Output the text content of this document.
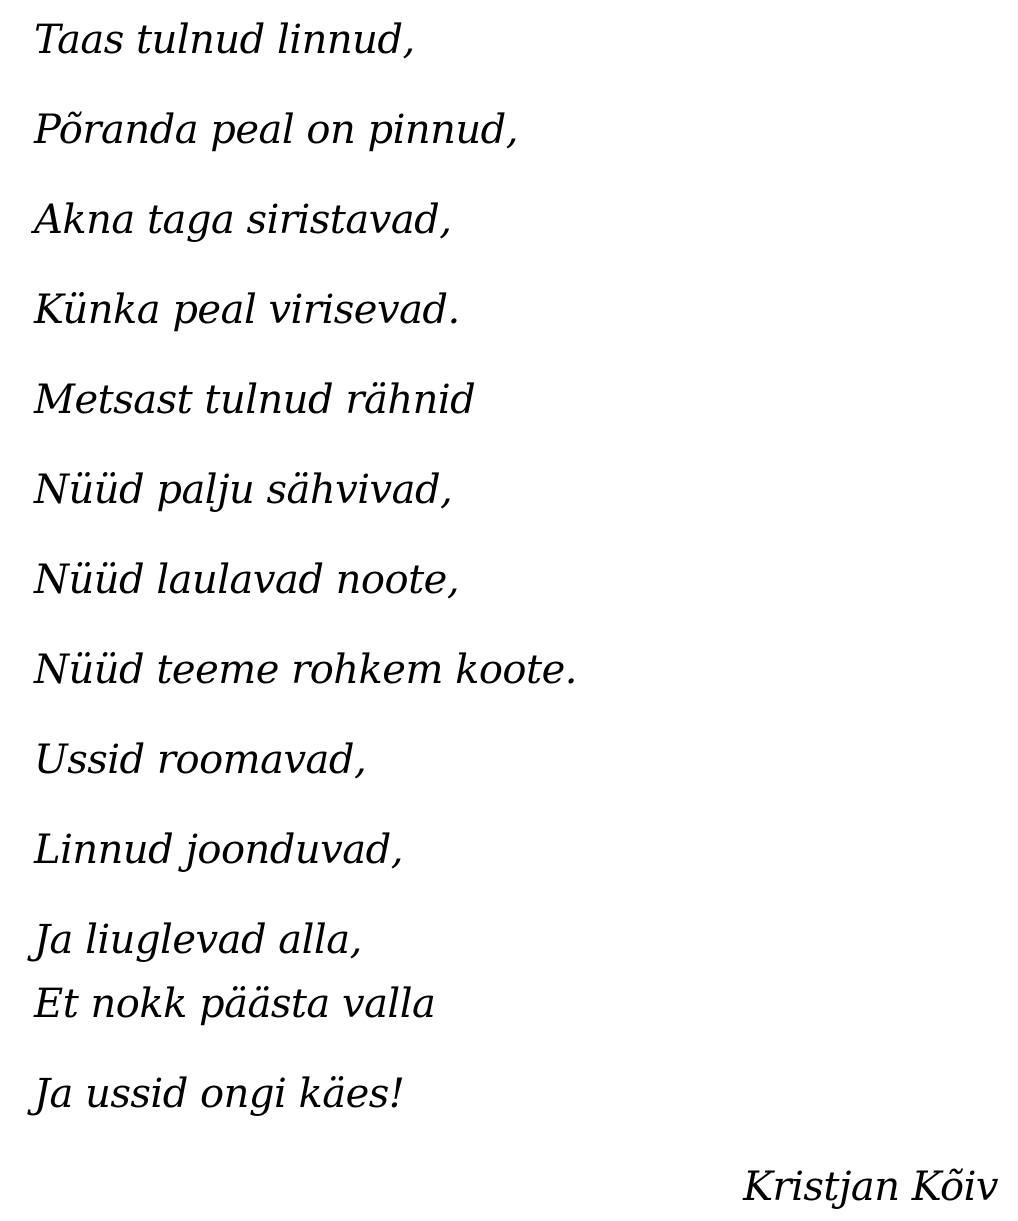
Taas tulnud linnud,
Põranda peal on pinnud,
Akna taga siristavad,
Künka peal virisevad.
Metsast tulnud rähnid
Nüüd palju sähvivad,
Nüüd laulavad noote,
Nüüd teeme rohkem koote.
Ussid roomavad,
Linnud joonduvad,
Ja liuglevad alla,
Et nokk päästa valla
Ja ussid ongi käes!
Kristjan Kõiv
